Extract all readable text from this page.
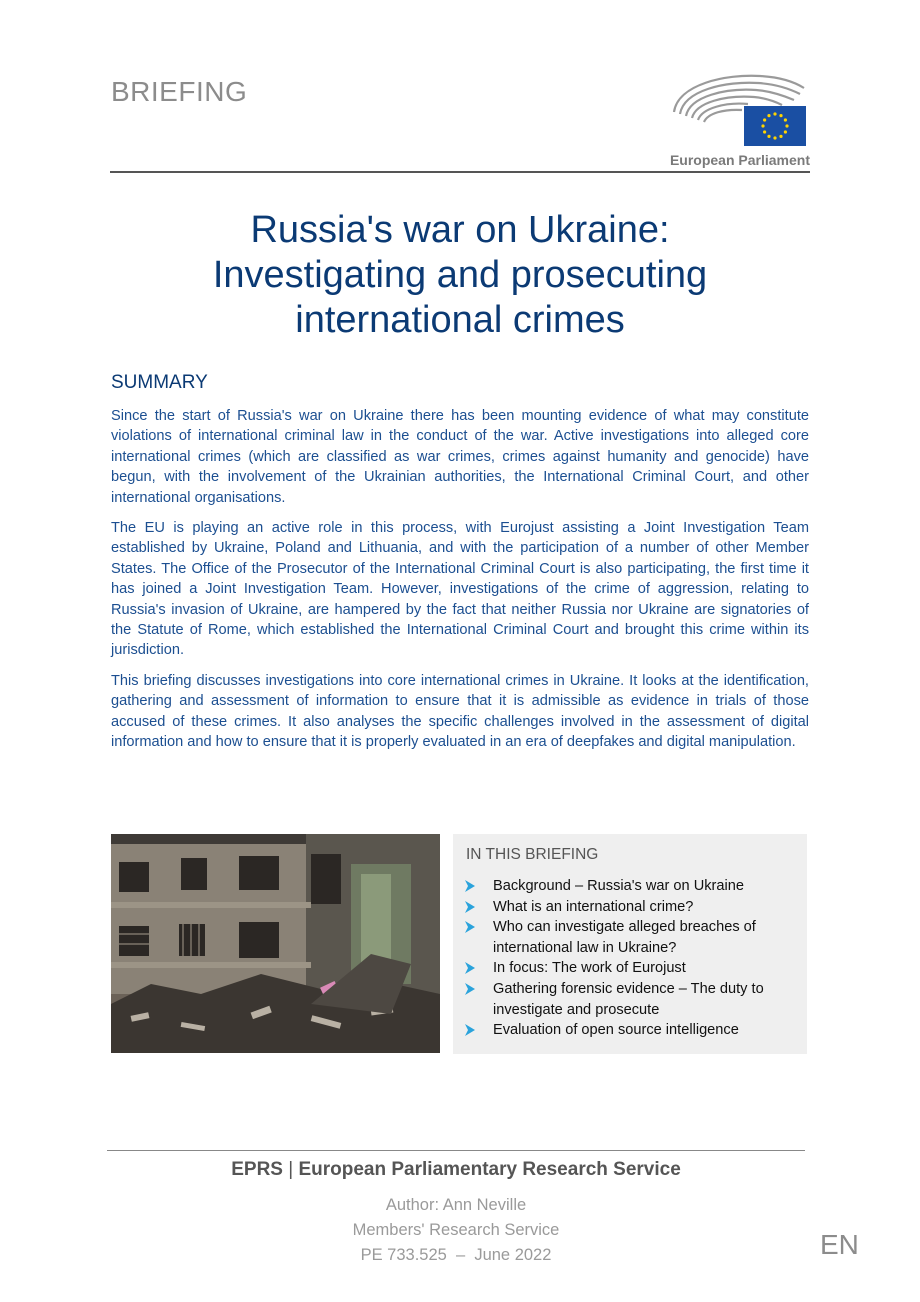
BRIEFING
European Parliament
Russia's war on Ukraine:
Investigating and prosecuting
international crimes
SUMMARY

Since the start of Russia's war on Ukraine there has been mounting evidence of what may constitute violations of international criminal law in the conduct of the war. Active investigations into alleged core international crimes (which are classified as war crimes, crimes against humanity and genocide) have begun, with the involvement of the Ukrainian authorities, the International Criminal Court, and other international organisations.

The EU is playing an active role in this process, with Eurojust assisting a Joint Investigation Team established by Ukraine, Poland and Lithuania, and with the participation of a number of other Member States. The Office of the Prosecutor of the International Criminal Court is also participating, the first time it has joined a Joint Investigation Team. However, investigations of the crime of aggression, relating to Russia's invasion of Ukraine, are hampered by the fact that neither Russia nor Ukraine are signatories of the Statute of Rome, which established the International Criminal Court and brought this crime within its jurisdiction.

This briefing discusses investigations into core international crimes in Ukraine. It looks at the identification, gathering and assessment of information to ensure that it is admissible as evidence in trials of those accused of these crimes. It also analyses the specific challenges involved in the assessment of digital information and how to ensure that it is properly evaluated in an era of deepfakes and digital manipulation.

IN THIS BRIEFING
Background – Russia's war on Ukraine
What is an international crime?
Who can investigate alleged breaches of international law in Ukraine?
In focus: The work of Eurojust
Gathering forensic evidence – The duty to investigate and prosecute
Evaluation of open source intelligence
EPRS | European Parliamentary Research Service
Author: Ann Neville
Members' Research Service
PE 733.525  –  June 2022	EN
